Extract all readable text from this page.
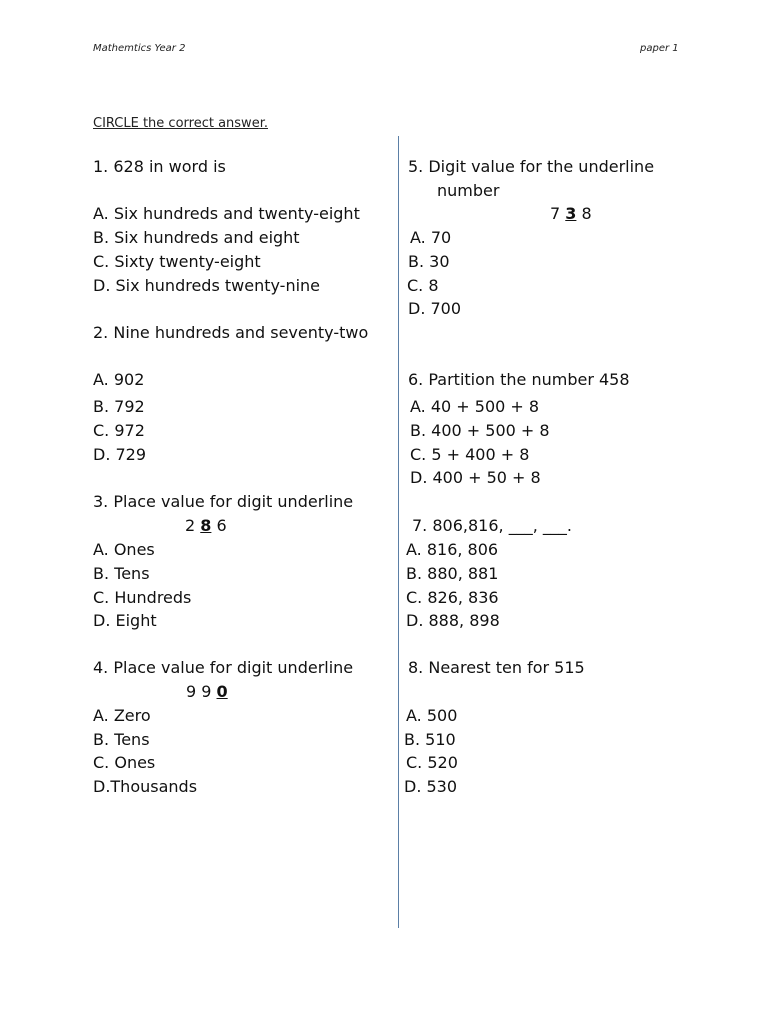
Mathemtics Year 2	paper 1
CIRCLE the correct answer.
1. 628 in word is
A. Six hundreds and twenty-eight
B. Six hundreds and eight
C. Sixty twenty-eight
D. Six hundreds twenty-nine
2. Nine hundreds and seventy-two
A. 902
B. 792
C. 972
D. 729
3. Place value for digit underline
2 8 6
A. Ones
B. Tens
C. Hundreds
D. Eight
4. Place value for digit underline
9 9 0
A. Zero
B. Tens
C. Ones
D.Thousands
5. Digit value for the underline
number
7 3 8
A. 70
B. 30
C. 8
D. 700
6. Partition the number 458
A. 40 + 500 + 8
B. 400 + 500 + 8
C. 5 + 400 + 8
D. 400 + 50 + 8
7. 806,816, ___, ___.
A. 816, 806
B. 880, 881
C. 826, 836
D. 888, 898
8. Nearest ten for 515
A. 500
B. 510
C. 520
D. 530
